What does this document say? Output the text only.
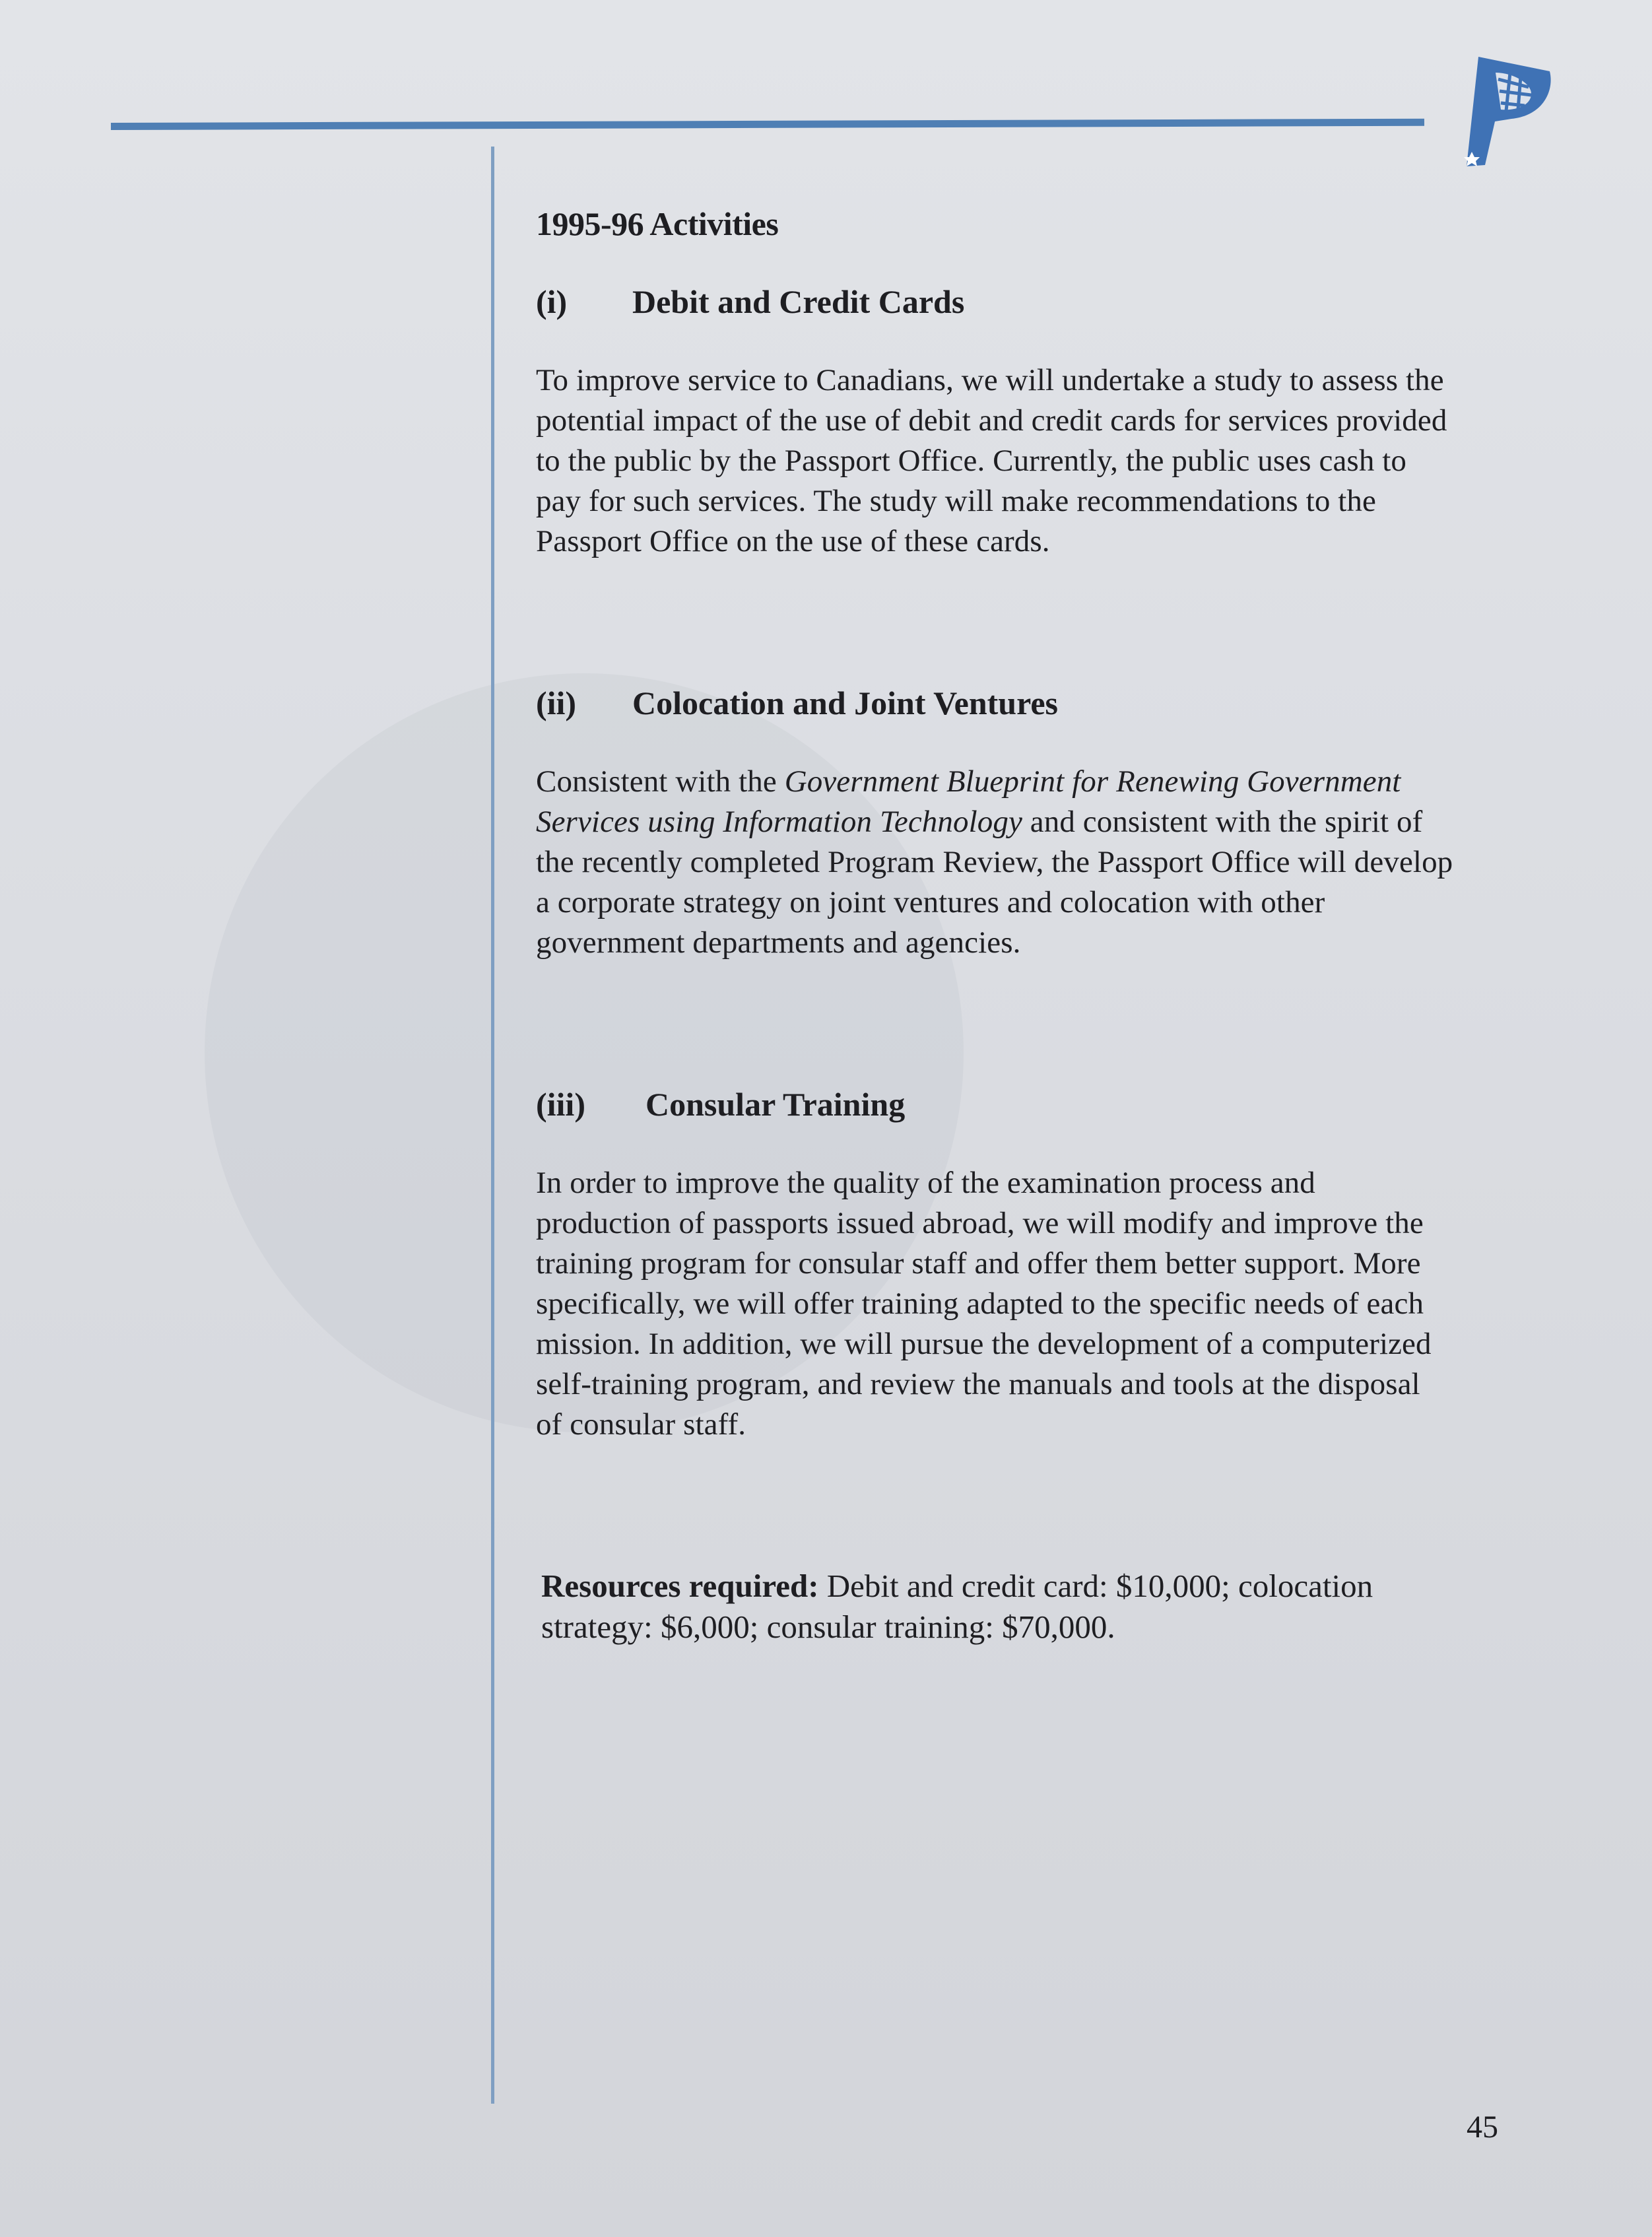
1995-96 Activities
(i) Debit and Credit Cards

To improve service to Canadians, we will undertake a study to assess the potential impact of the use of debit and credit cards for services provided to the public by the Passport Office. Currently, the public uses cash to pay for such services. The study will make recommendations to the Passport Office on the use of these cards.

(ii) Colocation and Joint Ventures

Consistent with the Government Blueprint for Renewing Government Services using Information Technology and consistent with the spirit of the recently completed Program Review, the Passport Office will develop a corporate strategy on joint ventures and colocation with other government departments and agencies.

(iii) Consular Training

In order to improve the quality of the examination process and production of passports issued abroad, we will modify and improve the training program for consular staff and offer them better support. More specifically, we will offer training adapted to the specific needs of each mission. In addition, we will pursue the development of a computerized self-training program, and review the manuals and tools at the disposal of consular staff.

Resources required: Debit and credit card: $10,000; colocation strategy: $6,000; consular training: $70,000.

45
